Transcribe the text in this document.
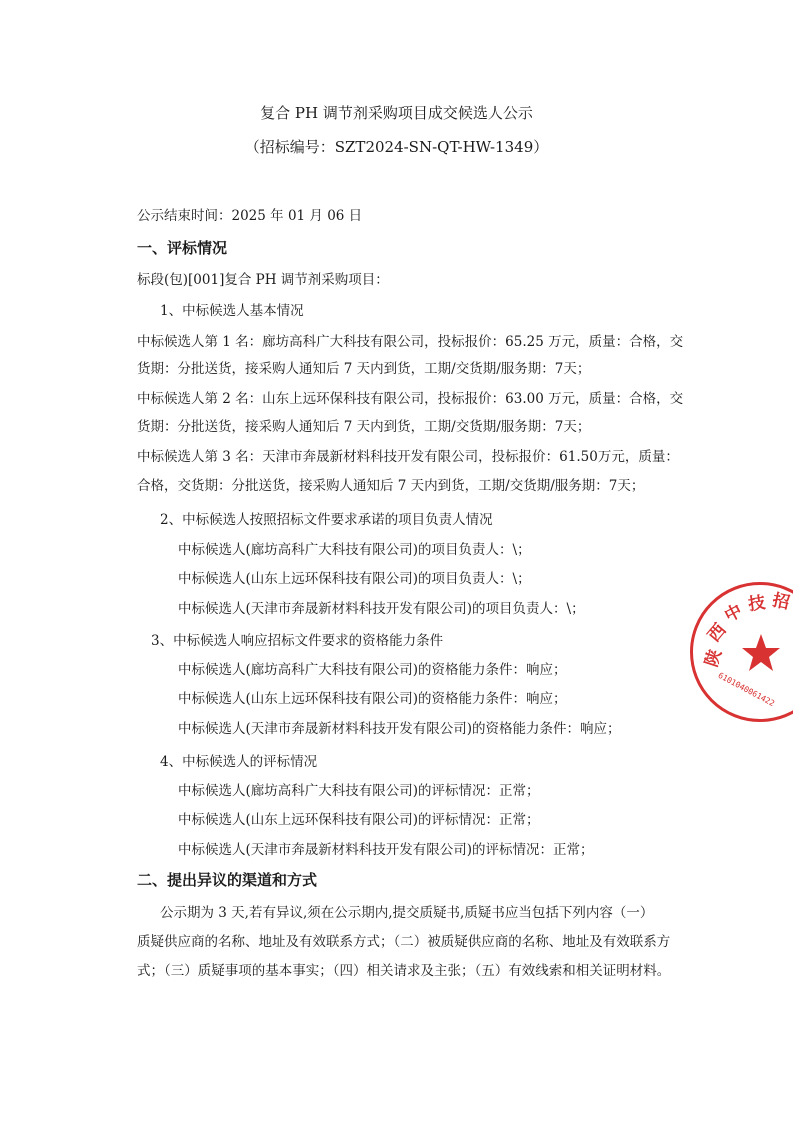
复合 PH 调节剂采购项目成交候选人公示
（招标编号：SZT2024-SN-QT-HW-1349）
公示结束时间：2025 年 01 月 06 日
一、评标情况
标段(包)[001]复合 PH 调节剂采购项目：
1、中标候选人基本情况
中标候选人第 1 名：廊坊高科广大科技有限公司，投标报价：65.25 万元，质量：合格，交
货期：分批送货，接采购人通知后 7 天内到货，工期/交货期/服务期：7天；
中标候选人第 2 名：山东上远环保科技有限公司，投标报价：63.00 万元，质量：合格，交
货期：分批送货，接采购人通知后 7 天内到货，工期/交货期/服务期：7天；
中标候选人第 3 名：天津市奔晟新材料科技开发有限公司，投标报价：61.50万元，质量：
合格，交货期：分批送货，接采购人通知后 7 天内到货，工期/交货期/服务期：7天；
2、中标候选人按照招标文件要求承诺的项目负责人情况
中标候选人(廊坊高科广大科技有限公司)的项目负责人：\；
中标候选人(山东上远环保科技有限公司)的项目负责人：\；
中标候选人(天津市奔晟新材料科技开发有限公司)的项目负责人：\；
3、中标候选人响应招标文件要求的资格能力条件
中标候选人(廊坊高科广大科技有限公司)的资格能力条件：响应；
中标候选人(山东上远环保科技有限公司)的资格能力条件：响应；
中标候选人(天津市奔晟新材料科技开发有限公司)的资格能力条件：响应；
4、中标候选人的评标情况
中标候选人(廊坊高科广大科技有限公司)的评标情况：正常；
中标候选人(山东上远环保科技有限公司)的评标情况：正常；
中标候选人(天津市奔晟新材料科技开发有限公司)的评标情况：正常；
二、提出异议的渠道和方式
公示期为 3 天,若有异议,须在公示期内,提交质疑书,质疑书应当包括下列内容（一）
质疑供应商的名称、地址及有效联系方式；（二）被质疑供应商的名称、地址及有效联系方
式；（三）质疑事项的基本事实；（四）相关请求及主张；（五）有效线索和相关证明材料。
陕
西
中 技 招
6101040061422
